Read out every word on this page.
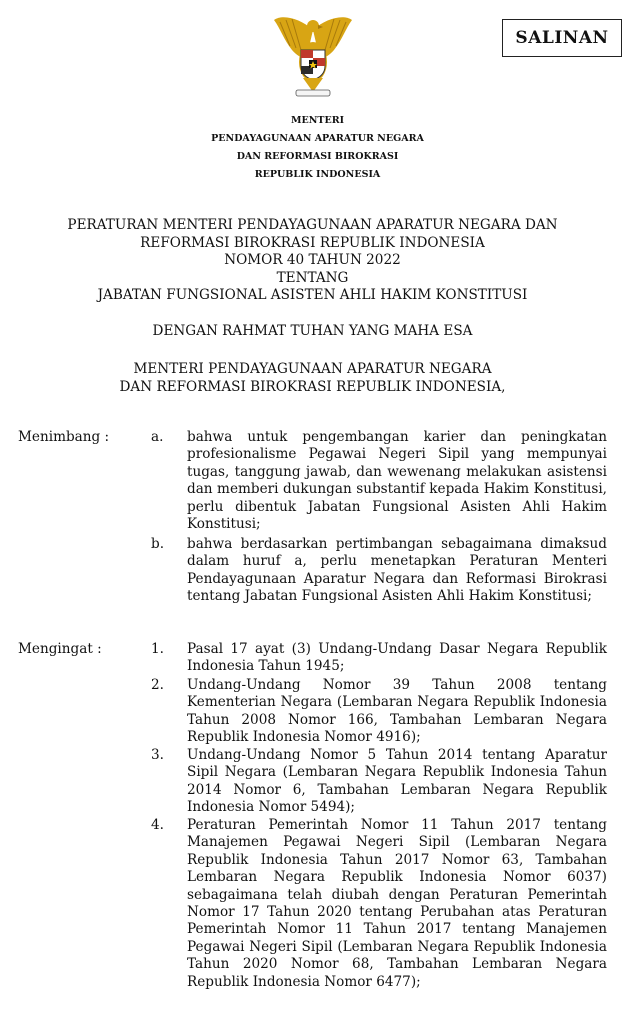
SALINAN
MENTERI
PENDAYAGUNAAN APARATUR NEGARA
DAN REFORMASI BIROKRASI
REPUBLIK INDONESIA
PERATURAN MENTERI PENDAYAGUNAAN APARATUR NEGARA DAN
REFORMASI BIROKRASI REPUBLIK INDONESIA
NOMOR 40 TAHUN 2022
TENTANG
JABATAN FUNGSIONAL ASISTEN AHLI HAKIM KONSTITUSI
DENGAN RAHMAT TUHAN YANG MAHA ESA
MENTERI PENDAYAGUNAAN APARATUR NEGARA
DAN REFORMASI BIROKRASI REPUBLIK INDONESIA,
Menimbang :	a.	bahwa untuk pengembangan karier dan peningkatan profesionalisme Pegawai Negeri Sipil yang mempunyai tugas, tanggung jawab, dan wewenang melakukan asistensi dan memberi dukungan substantif kepada Hakim Konstitusi, perlu dibentuk Jabatan Fungsional Asisten Ahli Hakim Konstitusi;

b.	bahwa berdasarkan pertimbangan sebagaimana dimaksud dalam huruf a, perlu menetapkan Peraturan Menteri Pendayagunaan Aparatur Negara dan Reformasi Birokrasi tentang Jabatan Fungsional Asisten Ahli Hakim Konstitusi;

Mengingat :	1.	Pasal 17 ayat (3) Undang-Undang Dasar Negara Republik Indonesia Tahun 1945;

2.	Undang-Undang Nomor 39 Tahun 2008 tentang Kementerian Negara (Lembaran Negara Republik Indonesia Tahun 2008 Nomor 166, Tambahan Lembaran Negara Republik Indonesia Nomor 4916);

3.	Undang-Undang Nomor 5 Tahun 2014 tentang Aparatur Sipil Negara (Lembaran Negara Republik Indonesia Tahun 2014 Nomor 6, Tambahan Lembaran Negara Republik Indonesia Nomor 5494);

4.	Peraturan Pemerintah Nomor 11 Tahun 2017 tentang Manajemen Pegawai Negeri Sipil (Lembaran Negara Republik Indonesia Tahun 2017 Nomor 63, Tambahan Lembaran Negara Republik Indonesia Nomor 6037) sebagaimana telah diubah dengan Peraturan Pemerintah Nomor 17 Tahun 2020 tentang Perubahan atas Peraturan Pemerintah Nomor 11 Tahun 2017 tentang Manajemen Pegawai Negeri Sipil (Lembaran Negara Republik Indonesia Tahun 2020 Nomor 68, Tambahan Lembaran Negara Republik Indonesia Nomor 6477);
